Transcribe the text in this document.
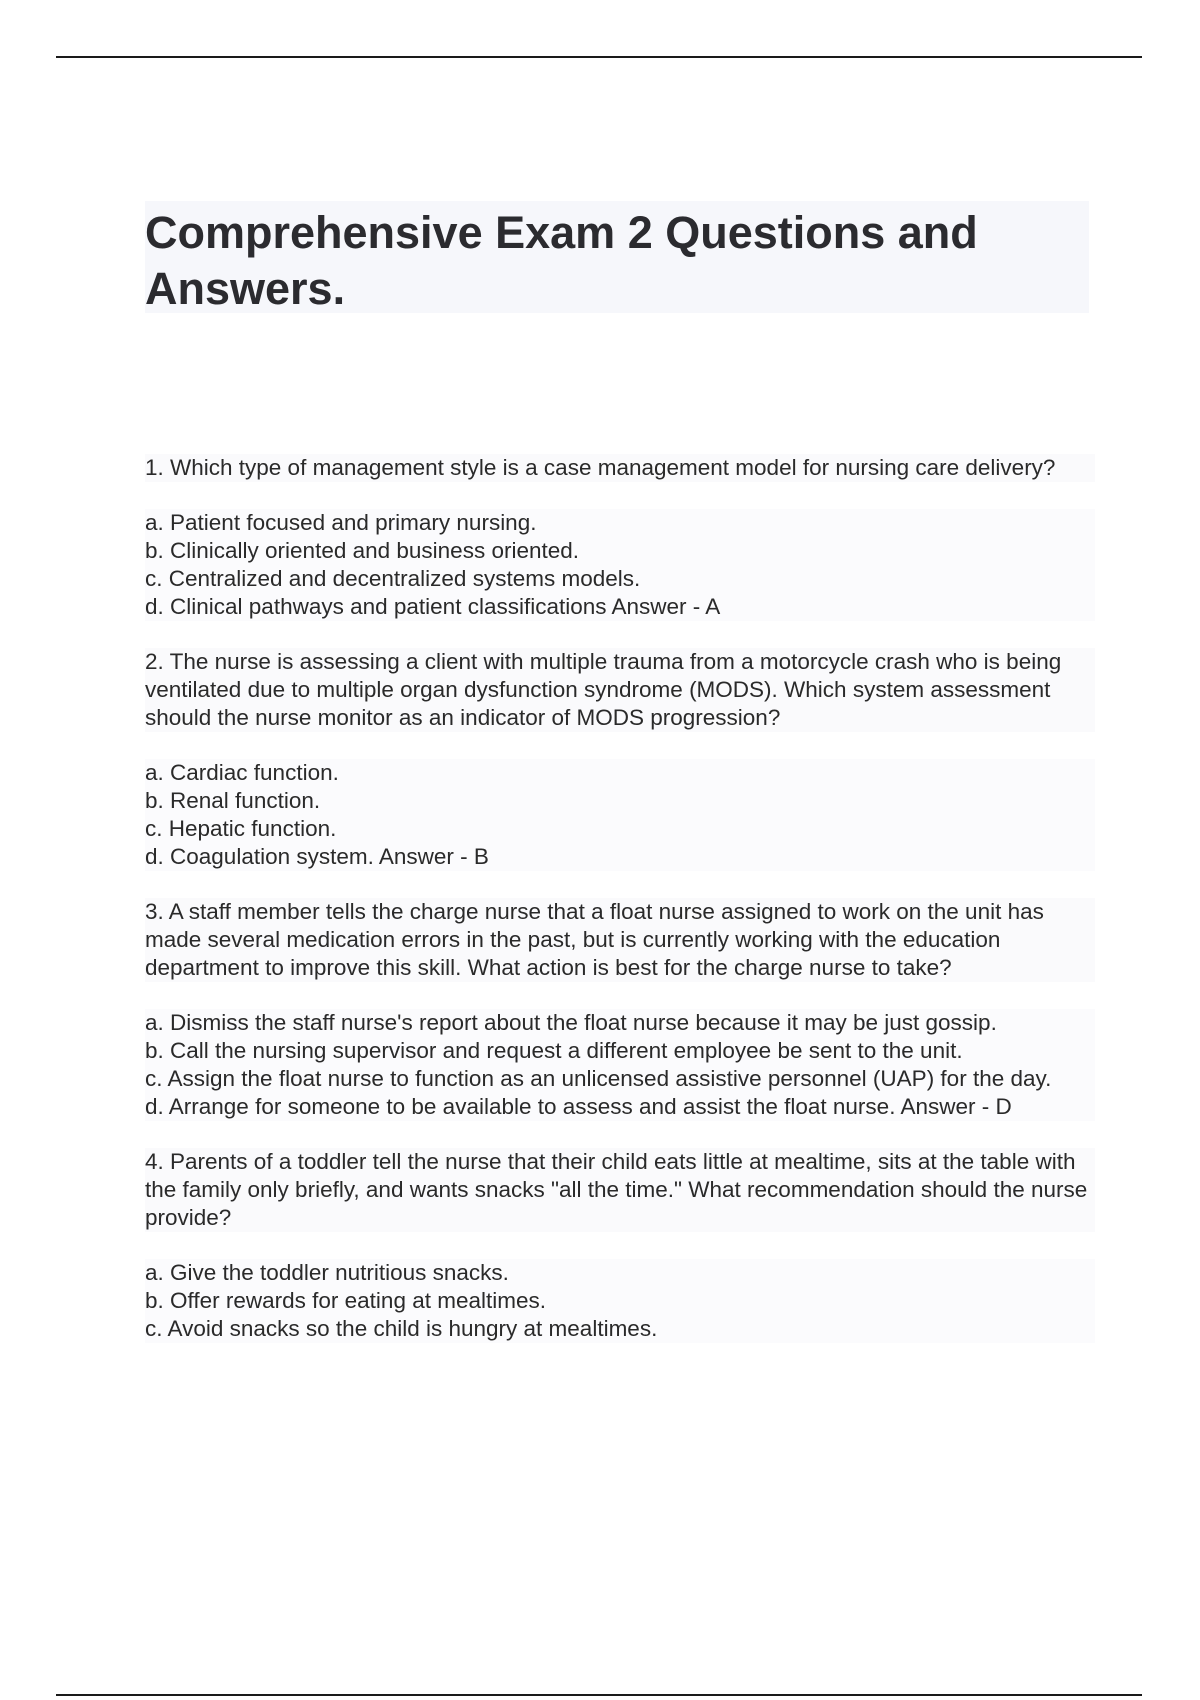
Comprehensive Exam 2 Questions and Answers.
1. Which type of management style is a case management model for nursing care delivery?
a. Patient focused and primary nursing.
b. Clinically oriented and business oriented.
c. Centralized and decentralized systems models.
d. Clinical pathways and patient classifications Answer - A
2. The nurse is assessing a client with multiple trauma from a motorcycle crash who is being ventilated due to multiple organ dysfunction syndrome (MODS). Which system assessment should the nurse monitor as an indicator of MODS progression?
a. Cardiac function.
b. Renal function.
c. Hepatic function.
d. Coagulation system. Answer - B
3. A staff member tells the charge nurse that a float nurse assigned to work on the unit has made several medication errors in the past, but is currently working with the education department to improve this skill. What action is best for the charge nurse to take?
a. Dismiss the staff nurse's report about the float nurse because it may be just gossip.
b. Call the nursing supervisor and request a different employee be sent to the unit.
c. Assign the float nurse to function as an unlicensed assistive personnel (UAP) for the day.
d. Arrange for someone to be available to assess and assist the float nurse. Answer - D
4. Parents of a toddler tell the nurse that their child eats little at mealtime, sits at the table with the family only briefly, and wants snacks "all the time." What recommendation should the nurse provide?
a. Give the toddler nutritious snacks.
b. Offer rewards for eating at mealtimes.
c. Avoid snacks so the child is hungry at mealtimes.
